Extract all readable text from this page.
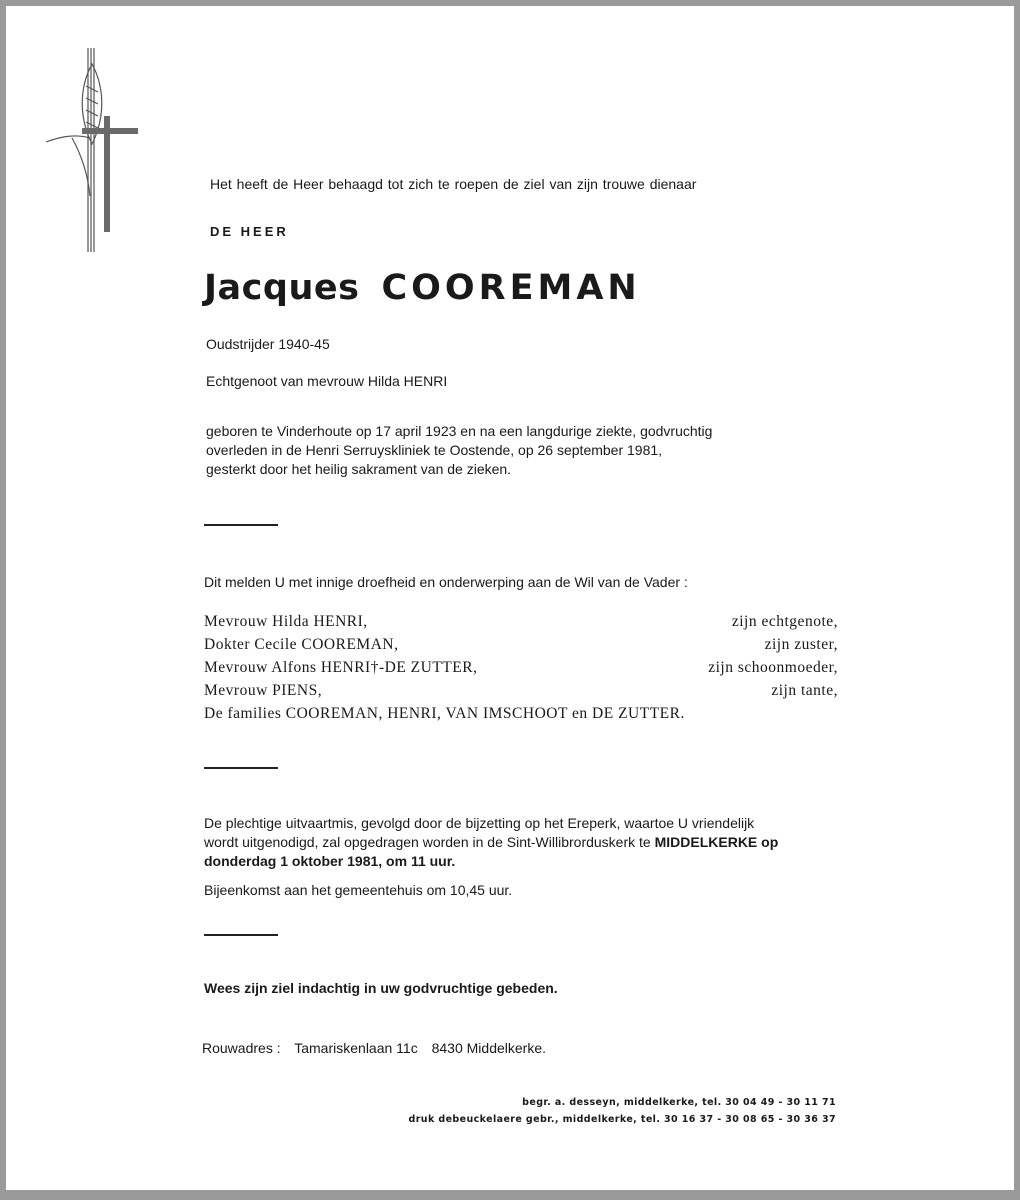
Het heeft de Heer behaagd tot zich te roepen de ziel van zijn trouwe dienaar
DE HEER
Jacques COOREMAN
Oudstrijder 1940-45
Echtgenoot van mevrouw Hilda HENRI
geboren te Vinderhoute op 17 april 1923 en na een langdurige ziekte, godvruchtig
overleden in de Henri Serruyskliniek te Oostende, op 26 september 1981,
gesterkt door het heilig sakrament van de zieken.
Dit melden U met innige droefheid en onderwerping aan de Wil van de Vader :
Mevrouw Hilda HENRI,	zijn echtgenote,
Dokter Cecile COOREMAN,	zijn zuster,
Mevrouw Alfons HENRI†-DE ZUTTER,	zijn schoonmoeder,
Mevrouw PIENS,	zijn tante,
De families COOREMAN, HENRI, VAN IMSCHOOT en DE ZUTTER.
De plechtige uitvaartmis, gevolgd door de bijzetting op het Ereperk, waartoe U vriendelijk
wordt uitgenodigd, zal opgedragen worden in de Sint-Willibrorduskerk te MIDDELKERKE op
donderdag 1 oktober 1981, om 11 uur.
Bijeenkomst aan het gemeentehuis om 10,45 uur.
Wees zijn ziel indachtig in uw godvruchtige gebeden.
Rouwadres : Tamariskenlaan 11c 8430 Middelkerke.
begr. a. desseyn, middelkerke, tel. 30 04 49 - 30 11 71
druk debeuckelaere gebr., middelkerke, tel. 30 16 37 - 30 08 65 - 30 36 37
